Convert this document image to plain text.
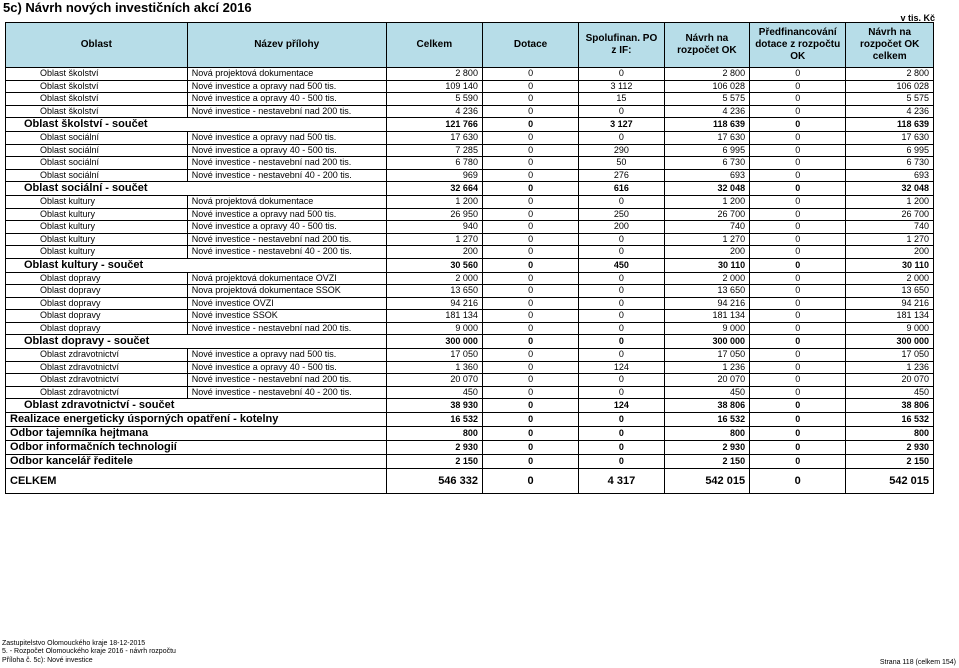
5c) Návrh nových investičních akcí 2016
v tis. Kč
Oblast	Název přílohy	Celkem	Dotace	Spolufinan. PO z IF:	Návrh na rozpočet OK	Předfinancování dotace z rozpočtu OK	Návrh na rozpočet OK celkem
Oblast školství	Nová projektová dokumentace	2 800	0	0	2 800	0	2 800
Oblast školství	Nové investice a opravy nad 500 tis.	109 140	0	3 112	106 028	0	106 028
Oblast školství	Nové investice a opravy 40 - 500 tis.	5 590	0	15	5 575	0	5 575
Oblast školství	Nové investice - nestavební nad 200 tis.	4 236	0	0	4 236	0	4 236
Oblast školství - součet		121 766	0	3 127	118 639	0	118 639
Oblast sociální	Nové investice a opravy nad 500 tis.	17 630	0	0	17 630	0	17 630
Oblast sociální	Nové investice a opravy 40 - 500 tis.	7 285	0	290	6 995	0	6 995
Oblast sociální	Nové investice - nestavební nad 200 tis.	6 780	0	50	6 730	0	6 730
Oblast sociální	Nové investice - nestavební 40 - 200 tis.	969	0	276	693	0	693
Oblast sociální - součet		32 664	0	616	32 048	0	32 048
Oblast kultury	Nová projektová dokumentace	1 200	0	0	1 200	0	1 200
Oblast kultury	Nové investice a opravy nad 500 tis.	26 950	0	250	26 700	0	26 700
Oblast kultury	Nové investice a opravy 40 - 500 tis.	940	0	200	740	0	740
Oblast kultury	Nové investice - nestavební nad 200 tis.	1 270	0	0	1 270	0	1 270
Oblast kultury	Nové investice - nestavební 40 - 200 tis.	200	0	0	200	0	200
Oblast kultury - součet		30 560	0	450	30 110	0	30 110
Oblast dopravy	Nová projektová dokumentace OVZI	2 000	0	0	2 000	0	2 000
Oblast dopravy	Nova projektová dokumentace SSOK	13 650	0	0	13 650	0	13 650
Oblast dopravy	Nové investice OVZI	94 216	0	0	94 216	0	94 216
Oblast dopravy	Nové investice SSOK	181 134	0	0	181 134	0	181 134
Oblast dopravy	Nové investice - nestavební nad 200 tis.	9 000	0	0	9 000	0	9 000
Oblast dopravy - součet		300 000	0	0	300 000	0	300 000
Oblast zdravotnictví	Nové investice a opravy nad 500 tis.	17 050	0	0	17 050	0	17 050
Oblast zdravotnictví	Nové investice a opravy 40 - 500 tis.	1 360	0	124	1 236	0	1 236
Oblast zdravotnictví	Nové investice - nestavební nad 200 tis.	20 070	0	0	20 070	0	20 070
Oblast zdravotnictví	Nové investice - nestavební 40 - 200 tis.	450	0	0	450	0	450
Oblast zdravotnictví - součet		38 930	0	124	38 806	0	38 806
Realizace energeticky úsporných opatření - kotelny		16 532	0	0	16 532	0	16 532
Odbor tajemníka hejtmana		800	0	0	800	0	800
Odbor informačních technologií		2 930	0	0	2 930	0	2 930
Odbor kancelář ředitele		2 150	0	0	2 150	0	2 150
CELKEM		546 332	0	4 317	542 015	0	542 015
Zastupitelstvo Olomouckého kraje 18-12-2015
5. - Rozpočet Olomouckého kraje 2016 - návrh rozpočtu
Příloha č. 5c): Nové investice	Strana 118 (celkem 154)
